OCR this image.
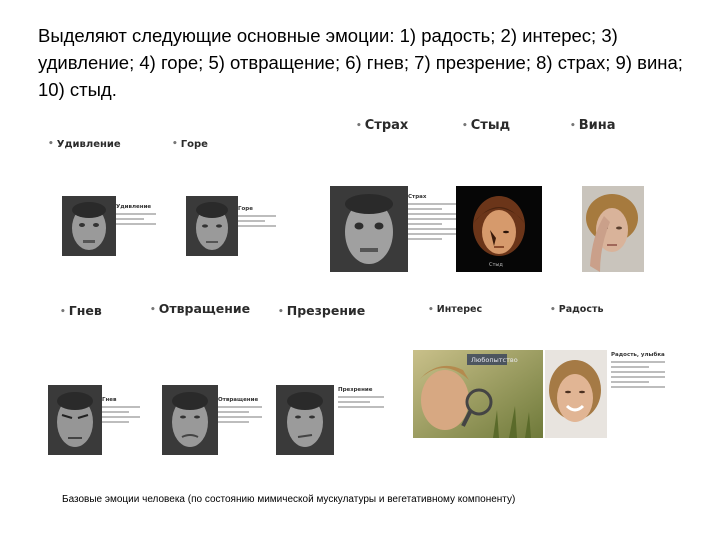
Выделяют следующие основные эмоции: 1) радость; 2) интерес; 3) удивление; 4) горе; 5) отвращение; 6) гнев; 7) презрение; 8) страх; 9) вина; 10) стыд.
• Удивление	• Горе
• Страх	• Стыд	• Вина
Удивление	Горе
Страх
Стыд
• Гнев	• Отвращение	• Презрение	• Интерес	• Радость
Гнев	Отвращение
Презрение
Любопытство
Радость, улыбка
Базовые эмоции человека (по состоянию мимической мускулатуры и вегетативному компоненту)
